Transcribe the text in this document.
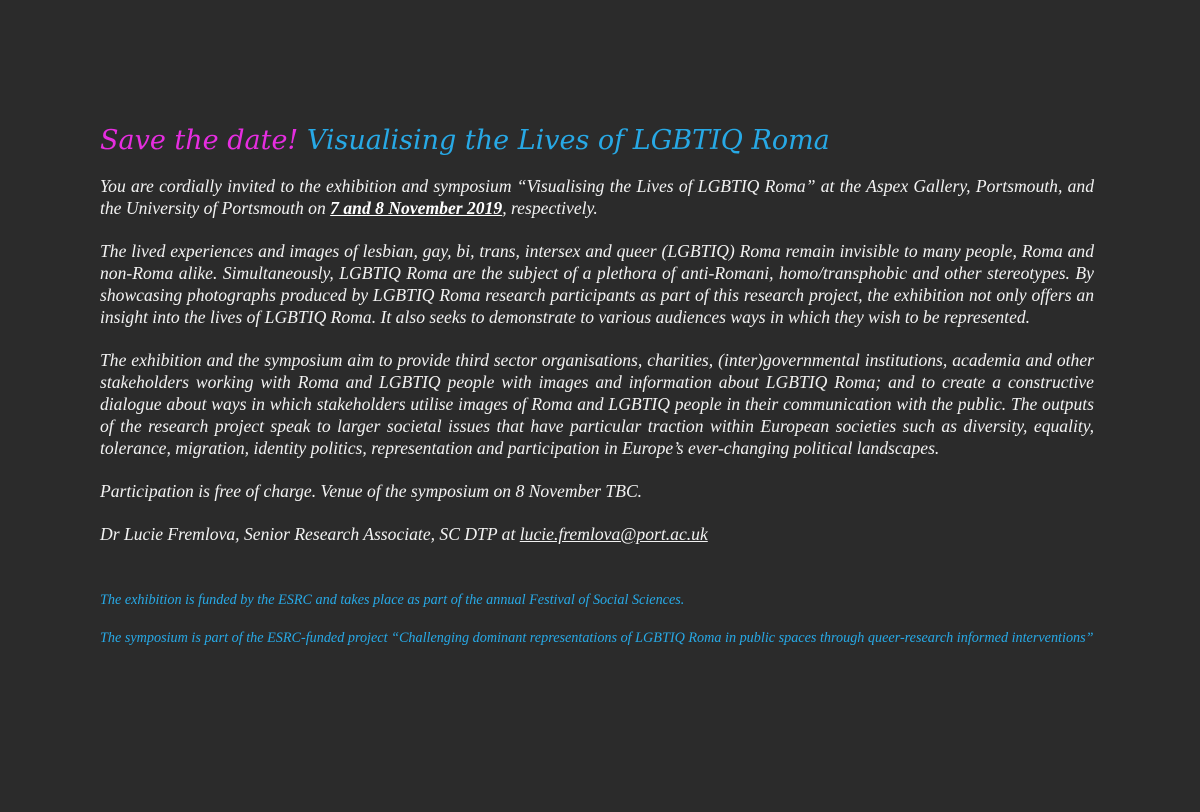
Save the date! Visualising the Lives of LGBTIQ Roma

You are cordially invited to the exhibition and symposium “Visualising the Lives of LGBTIQ Roma” at the Aspex Gallery, Portsmouth, and the University of Portsmouth on 7 and 8 November 2019, respectively.

The lived experiences and images of lesbian, gay, bi, trans, intersex and queer (LGBTIQ) Roma remain invisible to many people, Roma and non-Roma alike. Simultaneously, LGBTIQ Roma are the subject of a plethora of anti-Romani, homo/transphobic and other stereotypes. By showcasing photographs produced by LGBTIQ Roma research participants as part of this research project, the exhibition not only offers an insight into the lives of LGBTIQ Roma. It also seeks to demonstrate to various audiences ways in which they wish to be represented.

The exhibition and the symposium aim to provide third sector organisations, charities, (inter)governmental institutions, academia and other stakeholders working with Roma and LGBTIQ people with images and information about LGBTIQ Roma; and to create a constructive dialogue about ways in which stakeholders utilise images of Roma and LGBTIQ people in their communication with the public. The outputs of the research project speak to larger societal issues that have particular traction within European societies such as diversity, equality, tolerance, migration, identity politics, representation and participation in Europe’s ever-changing political landscapes.

Participation is free of charge. Venue of the symposium on 8 November TBC.

Dr Lucie Fremlova, Senior Research Associate, SC DTP at lucie.fremlova@port.ac.uk

The exhibition is funded by the ESRC and takes place as part of the annual Festival of Social Sciences.

The symposium is part of the ESRC-funded project “Challenging dominant representations of LGBTIQ Roma in public spaces through queer-research informed interventions”
